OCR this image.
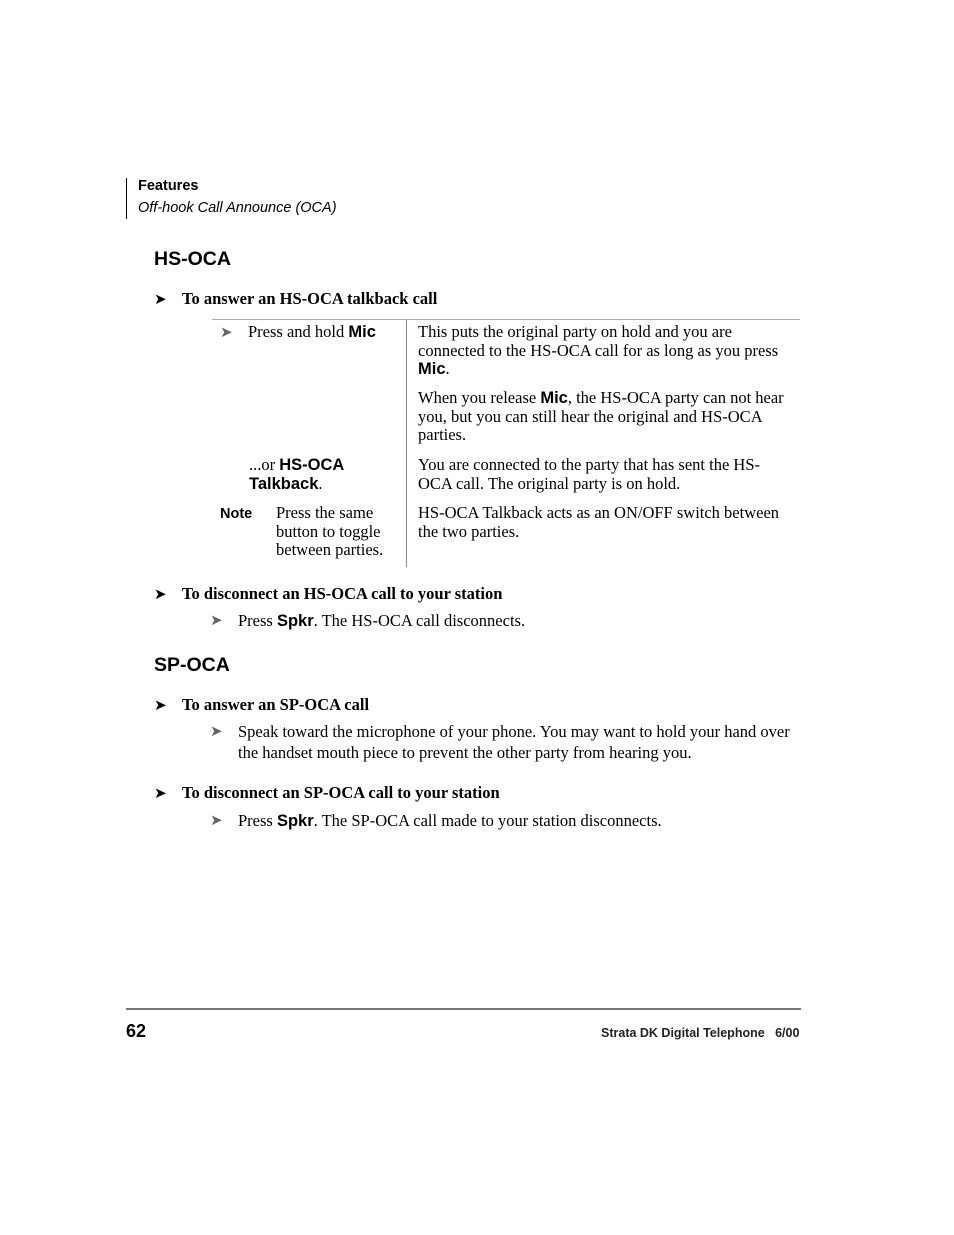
Features
Off-hook Call Announce (OCA)
HS-OCA
➤ To answer an HS-OCA talkback call
➤ Press and hold Mic	This puts the original party on hold and you are connected to the HS-OCA call for as long as you press Mic.
When you release Mic, the HS-OCA party can not hear you, but you can still hear the original and HS-OCA parties.
...or HS-OCA Talkback.
You are connected to the party that has sent the HS-OCA call. The original party is on hold.
Note Press the same button to toggle between parties.
HS-OCA Talkback acts as an ON/OFF switch between the two parties.
➤ To disconnect an HS-OCA call to your station
➤ Press Spkr. The HS-OCA call disconnects.
SP-OCA
➤ To answer an SP-OCA call
➤ Speak toward the microphone of your phone. You may want to hold your hand over the handset mouth piece to prevent the other party from hearing you.
➤ To disconnect an SP-OCA call to your station
➤ Press Spkr. The SP-OCA call made to your station disconnects.
62	Strata DK Digital Telephone   6/00
